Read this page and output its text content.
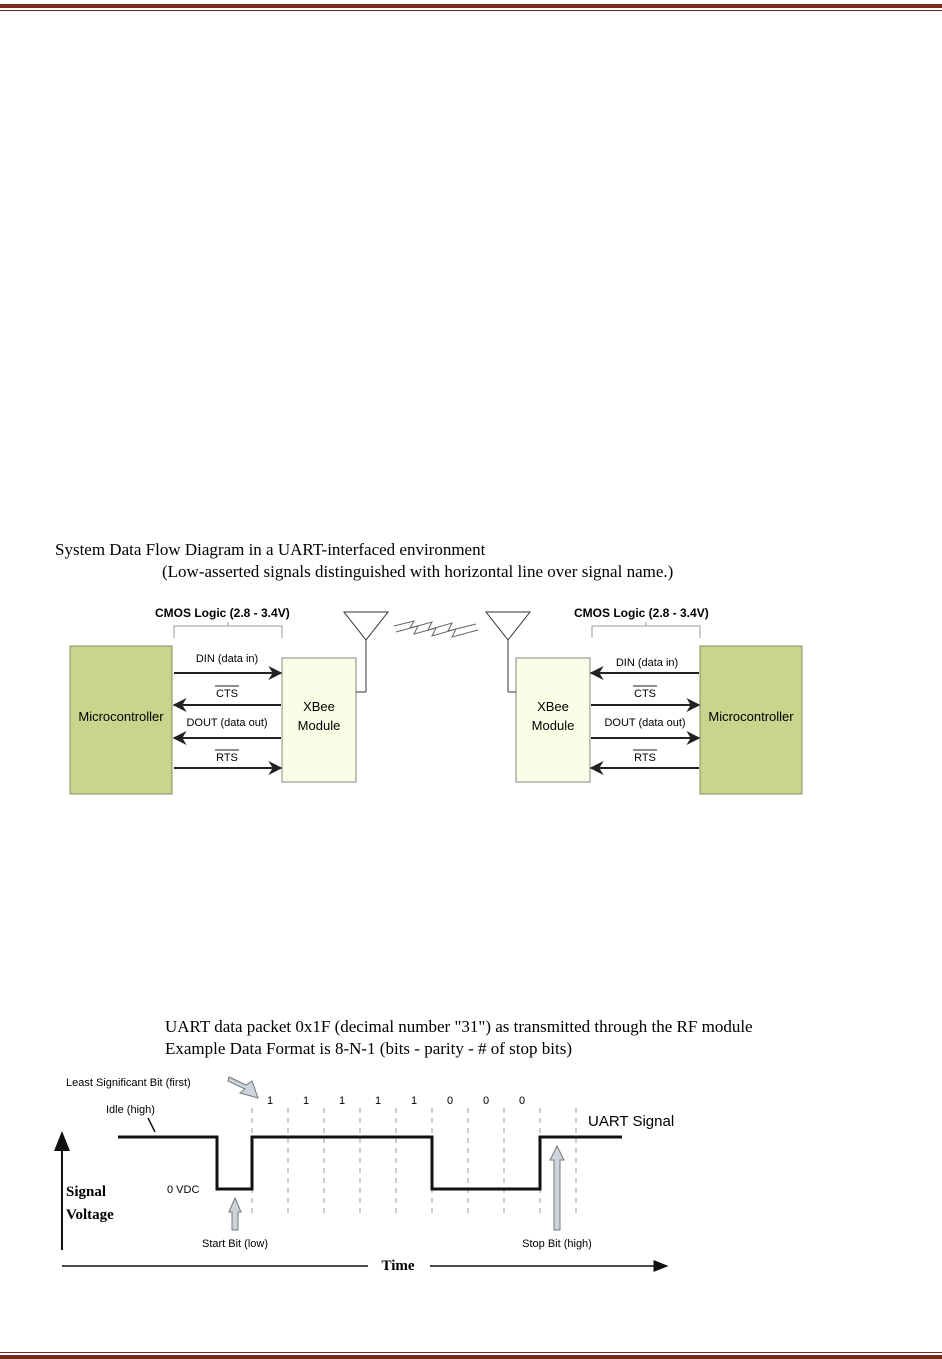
System Data Flow Diagram in a UART-interfaced environment
(Low-asserted signals distinguished with horizontal line over signal name.)
CMOS Logic (2.8 - 3.4V)
Microcontroller
XBee
Module
DIN (data in)
CTS
DOUT (data out)
RTS
CMOS Logic (2.8 - 3.4V)
Microcontroller
XBee
Module
DIN (data in)
CTS
DOUT (data out)
RTS
UART data packet 0x1F (decimal number "31") as transmitted through the RF module
Example Data Format is 8-N-1 (bits - parity - # of stop bits)
Least Significant Bit (first)
Idle (high)
1	1	1	1	1	0	0	0
UART Signal
0 VDC
Signal
Voltage
Start Bit (low)	Stop Bit (high)
Time
